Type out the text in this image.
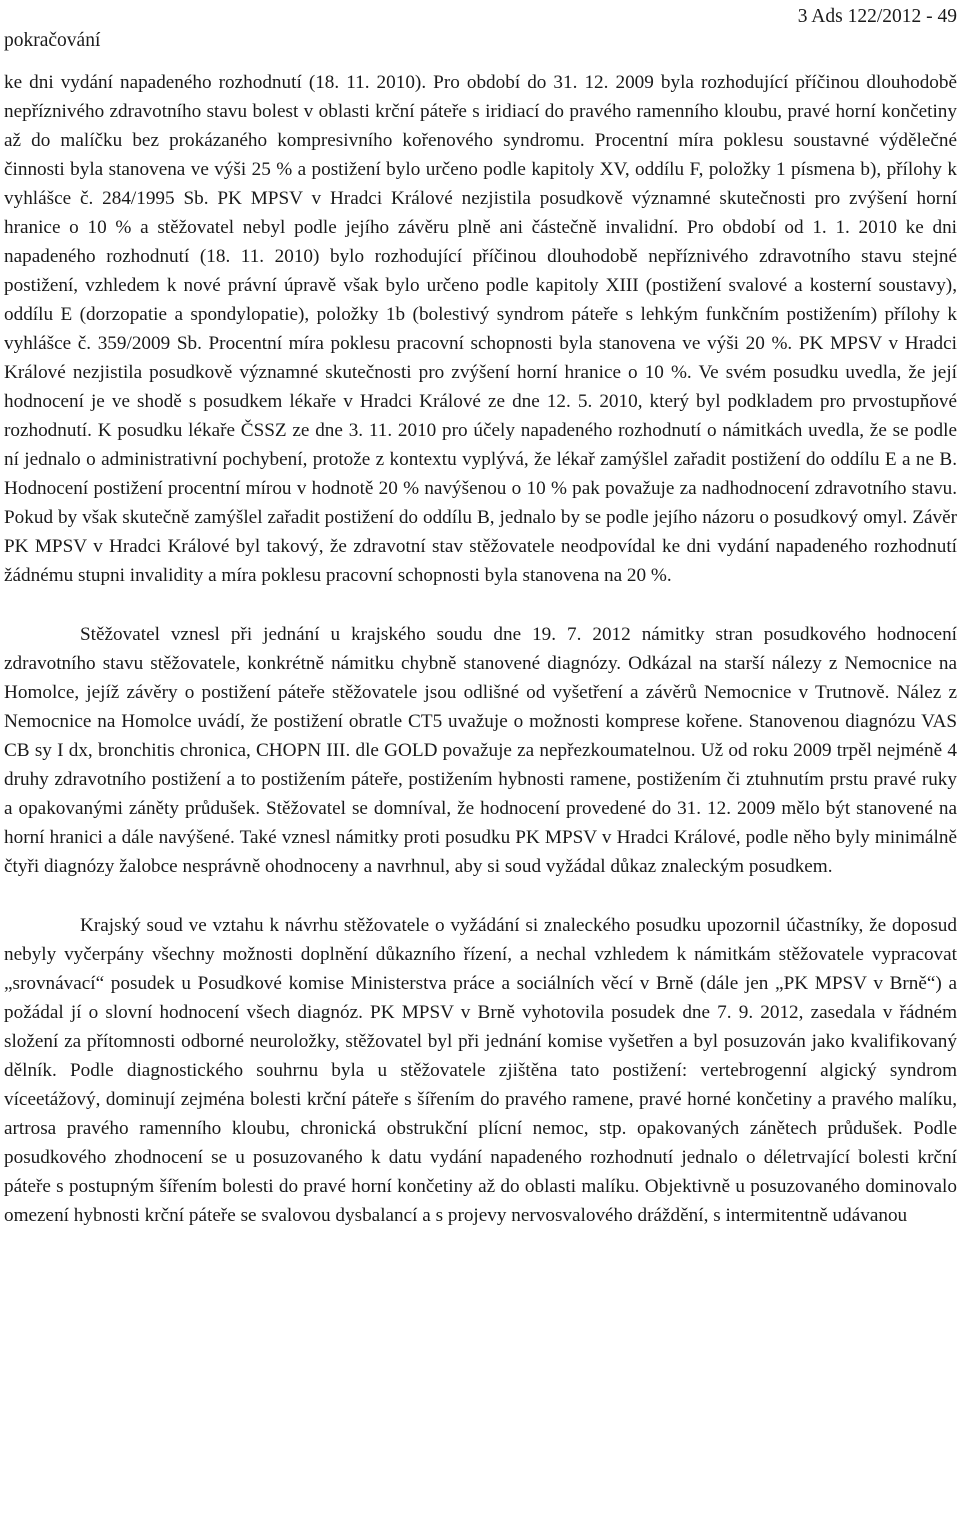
pokračování
3 Ads 122/2012 - 49

ke dni vydání napadeného rozhodnutí (18. 11. 2010). Pro období do 31. 12. 2009 byla rozhodující příčinou dlouhodobě nepříznivého zdravotního stavu bolest v oblasti krční páteře s iridiací do pravého ramenního kloubu, pravé horní končetiny až do malíčku bez prokázaného kompresivního kořenového syndromu. Procentní míra poklesu soustavné výdělečné činnosti byla stanovena ve výši 25 % a postižení bylo určeno podle kapitoly XV, oddílu F, položky 1 písmena b), přílohy k vyhlášce č. 284/1995 Sb. PK MPSV v Hradci Králové nezjistila posudkově významné skutečnosti pro zvýšení horní hranice o 10 % a stěžovatel nebyl podle jejího závěru plně ani částečně invalidní. Pro období od 1. 1. 2010 ke dni napadeného rozhodnutí (18. 11. 2010) bylo rozhodující příčinou dlouhodobě nepříznivého zdravotního stavu stejné postižení, vzhledem k nové právní úpravě však bylo určeno podle kapitoly XIII (postižení svalové a kosterní soustavy), oddílu E (dorzopatie a spondylopatie), položky 1b (bolestivý syndrom páteře s lehkým funkčním postižením) přílohy k vyhlášce č. 359/2009 Sb. Procentní míra poklesu pracovní schopnosti byla stanovena ve výši 20 %. PK MPSV v Hradci Králové nezjistila posudkově významné skutečnosti pro zvýšení horní hranice o 10 %. Ve svém posudku uvedla, že její hodnocení je ve shodě s posudkem lékaře v Hradci Králové ze dne 12. 5. 2010, který byl podkladem pro prvostupňové rozhodnutí. K posudku lékaře ČSSZ ze dne 3. 11. 2010 pro účely napadeného rozhodnutí o námitkách uvedla, že se podle ní jednalo o administrativní pochybení, protože z kontextu vyplývá, že lékař zamýšlel zařadit postižení do oddílu E a ne B. Hodnocení postižení procentní mírou v hodnotě 20 % navýšenou o 10 % pak považuje za nadhodnocení zdravotního stavu. Pokud by však skutečně zamýšlel zařadit postižení do oddílu B, jednalo by se podle jejího názoru o posudkový omyl. Závěr PK MPSV v Hradci Králové byl takový, že zdravotní stav stěžovatele neodpovídal ke dni vydání napadeného rozhodnutí žádnému stupni invalidity a míra poklesu pracovní schopnosti byla stanovena na 20 %.

Stěžovatel vznesl při jednání u krajského soudu dne 19. 7. 2012 námitky stran posudkového hodnocení zdravotního stavu stěžovatele, konkrétně námitku chybně stanovené diagnózy. Odkázal na starší nálezy z Nemocnice na Homolce, jejíž závěry o postižení páteře stěžovatele jsou odlišné od vyšetření a závěrů Nemocnice v Trutnově. Nález z Nemocnice na Homolce uvádí, že postižení obratle CT5 uvažuje o možnosti komprese kořene. Stanovenou diagnózu VAS CB sy I dx, bronchitis chronica, CHOPN III. dle GOLD považuje za nepřezkoumatelnou. Už od roku 2009 trpěl nejméně 4 druhy zdravotního postižení a to postižením páteře, postižením hybnosti ramene, postižením či ztuhnutím prstu pravé ruky a opakovanými záněty průdušek. Stěžovatel se domníval, že hodnocení provedené do 31. 12. 2009 mělo být stanovené na horní hranici a dále navýšené. Také vznesl námitky proti posudku PK MPSV v Hradci Králové, podle něho byly minimálně čtyři diagnózy žalobce nesprávně ohodnoceny a navrhnul, aby si soud vyžádal důkaz znaleckým posudkem.

Krajský soud ve vztahu k návrhu stěžovatele o vyžádání si znaleckého posudku upozornil účastníky, že doposud nebyly vyčerpány všechny možnosti doplnění důkazního řízení, a nechal vzhledem k námitkám stěžovatele vypracovat „srovnávací“ posudek u Posudkové komise Ministerstva práce a sociálních věcí v Brně (dále jen „PK MPSV v Brně“) a požádal jí o slovní hodnocení všech diagnóz. PK MPSV v Brně vyhotovila posudek dne 7. 9. 2012, zasedala v řádném složení za přítomnosti odborné neuroložky, stěžovatel byl při jednání komise vyšetřen a byl posuzován jako kvalifikovaný dělník. Podle diagnostického souhrnu byla u stěžovatele zjištěna tato postižení: vertebrogenní algický syndrom víceetážový, dominují zejména bolesti krční páteře s šířením do pravého ramene, pravé horné končetiny a pravého malíku, artrosa pravého ramenního kloubu, chronická obstrukční plícní nemoc, stp. opakovaných zánětech průdušek. Podle posudkového zhodnocení se u posuzovaného k datu vydání napadeného rozhodnutí jednalo o déletrvající bolesti krční páteře s postupným šířením bolesti do pravé horní končetiny až do oblasti malíku. Objektivně u posuzovaného dominovalo omezení hybnosti krční páteře se svalovou dysbalancí a s projevy nervosvalového dráždění, s intermitentně udávanou
